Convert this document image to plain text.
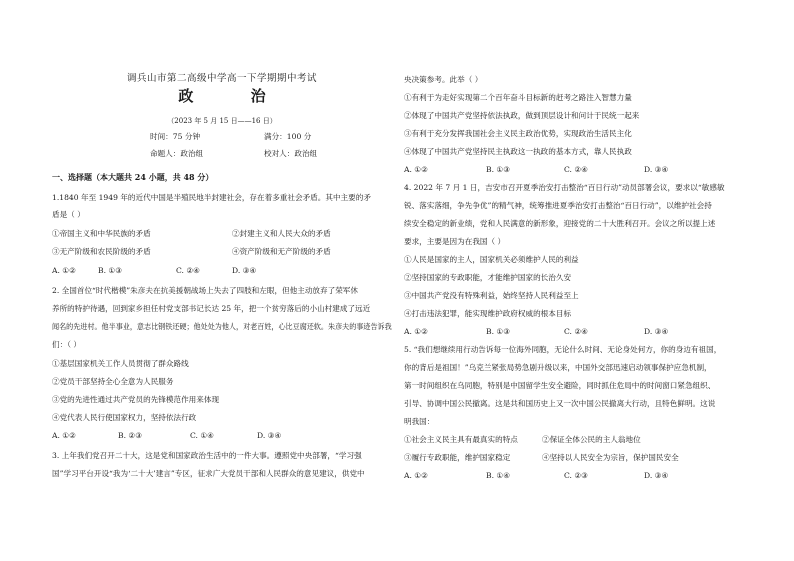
调兵山市第二高级中学高一下学期期中考试
政 治
（2023 年 5 月 15 日——16 日）
时间：75 分钟	满分：100 分
命题人：政治组	校对人：政治组
一、选择题（本大题共 24 小题，共 48 分）
1.1840 年至 1949 年的近代中国是半殖民地半封建社会，存在着多重社会矛盾。其中主要的矛
盾是（ ）
①帝国主义和中华民族的矛盾	②封建主义和人民大众的矛盾
③无产阶级和农民阶级的矛盾	④资产阶级和无产阶级的矛盾
A. ①②	B. ①③	C. ②④	D. ③④
2. 全国首位“时代楷模”朱彦夫在抗美援朝战场上失去了四肢和左眼，但他主动放弃了荣军休
养所的特护待遇，回到家乡担任村党支部书记长达 25 年，把一个贫穷落后的小山村建成了远近
闻名的先进村。他半事业，意志比钢铁还硬；他处处为他人，对老百姓，心比豆腐还软。朱彦夫的事迹告诉我
们：（ ）
①基层国家机关工作人员贯彻了群众路线
②党员干部坚持全心全意为人民服务
③党的先进性通过共产党员的先锋模范作用来体现
④党代表人民行使国家权力，坚持依法行政
A. ①②	B. ②③	C. ①④	D. ③④
3. 上年我们党召开二十大，这是党和国家政治生活中的一件大事。遵照党中央部署，“学习强
国”学习平台开设“我为‘二十大’建言”专区，征求广大党员干部和人民群众的意见建议，供党中
央决策参考。此举（ ）
①有利于为走好实现第二个百年奋斗目标新的赶考之路注入智慧力量
②体现了中国共产党坚持依法执政，做到顶层设计和问计于民统一起来
③有利于充分发挥我国社会主义民主政治优势，实现政治生活民主化
④体现了中国共产党坚持民主执政这一执政的基本方式，靠人民执政
A. ①②	B. ①③	C. ②④	D. ③④
4. 2022 年 7 月 1 日，吉安市召开夏季治安打击整治“百日行动”动员部署会议，要求以“敏感敏
锐、落实落细，争先争优”的精气神，统筹推进夏季治安打击整治“百日行动”，以维护社会持
续安全稳定的新业绩，党和人民满意的新形象，迎接党的二十大胜利召开。会议之所以提上述
要求，主要是因为在我国（ ）
①人民是国家的主人，国家机关必须维护人民的利益
②坚持国家的专政职能，才能维护国家的长治久安
③中国共产党没有特殊利益，始终坚持人民利益至上
④打击违法犯罪，能实现维护政府权威的根本目标
A. ①②	B. ①③	C. ②④	D. ③④
5. “我们想继续用行动告诉每一位海外同胞，无论什么时间、无论身处何方，你的身边有祖国，
你的背后是祖国！”乌克兰紧张局势急剧升级以来，中国外交部迅速启动领事保护应急机制，
第一时间组织在乌同胞，特别是中国留学生安全避险，同时抓住危局中的时间窗口紧急组织、
引导、协调中国公民撤离。这是共和国历史上又一次中国公民撤离大行动，且特色鲜明。这说
明我国：
①社会主义民主具有最真实的特点	②保证全体公民的主人翁地位
③履行专政职能，维护国家稳定	④坚持以人民安全为宗旨，保护国民安全
A. ①②	B. ①④	C. ②③	D. ③④
